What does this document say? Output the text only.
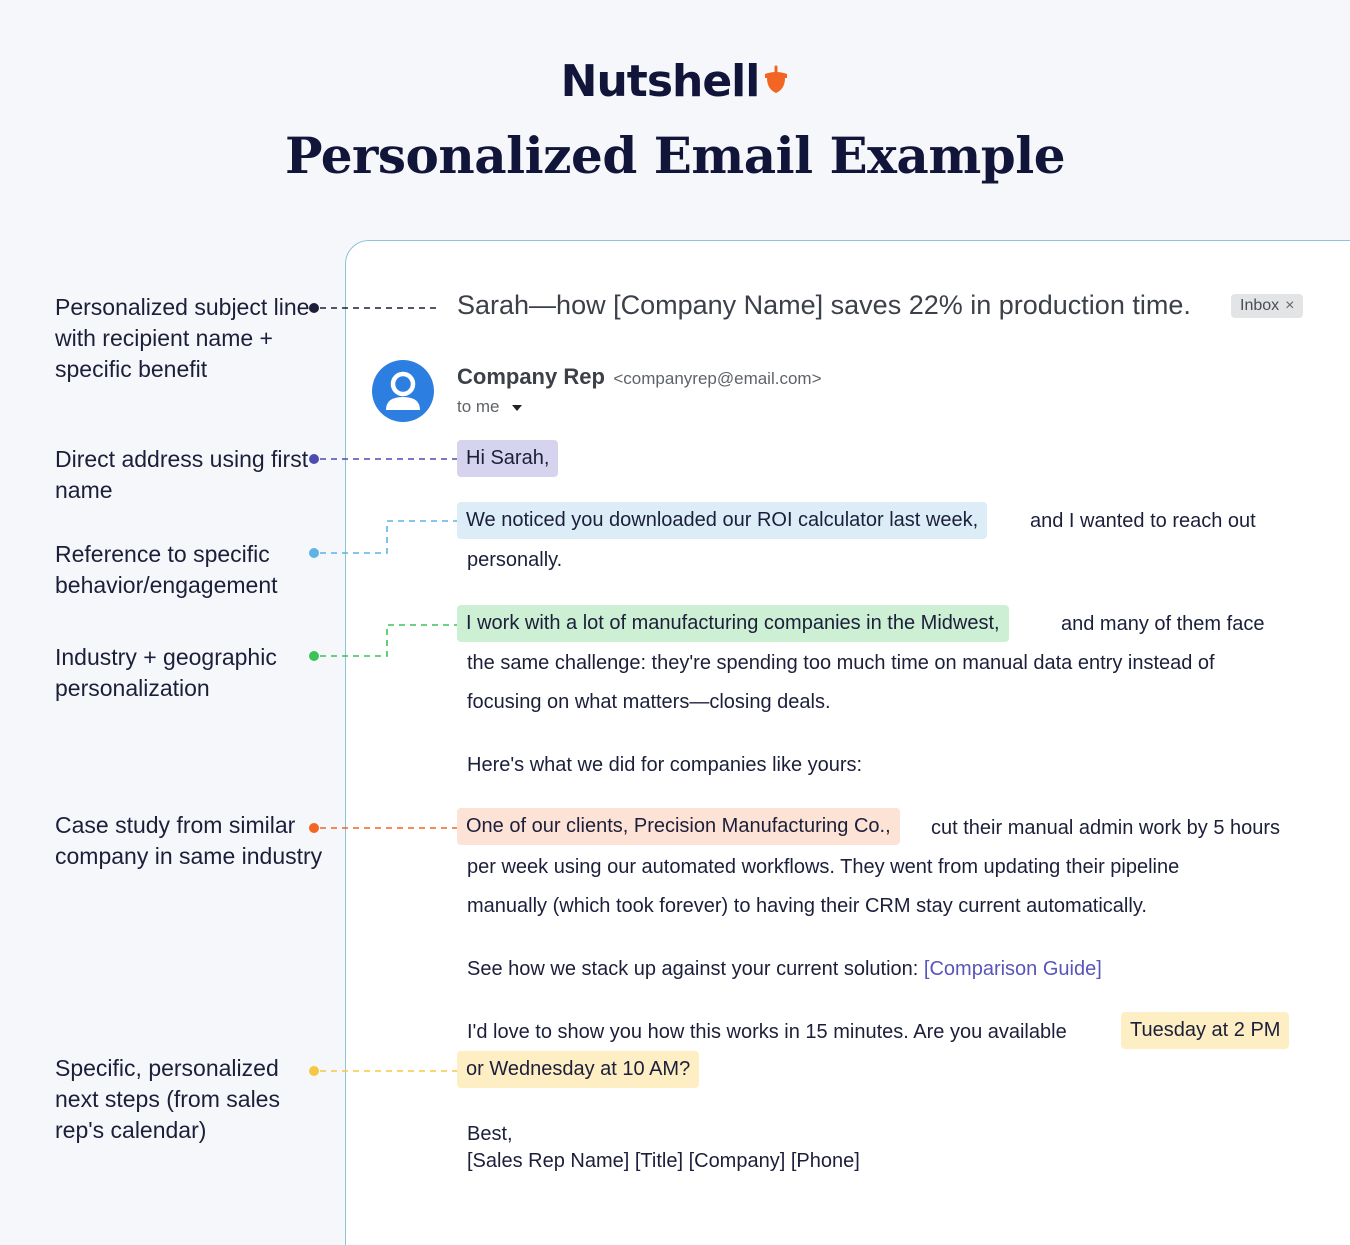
Nutshell
Personalized Email Example
Personalized subject line with recipient name + specific benefit
Direct address using first name
Reference to specific behavior/engagement
Industry + geographic personalization
Case study from similar company in same industry
Specific, personalized next steps (from sales rep's calendar)
Sarah—how [Company Name] saves 22% in production time.	Inbox ×
Company Rep <companyrep@email.com>
to me
Hi Sarah,
We noticed you downloaded our ROI calculator last week,	and I wanted to reach out
personally.
I work with a lot of manufacturing companies in the Midwest,	and many of them face
the same challenge: they're spending too much time on manual data entry instead of
focusing on what matters—closing deals.
Here's what we did for companies like yours:
One of our clients, Precision Manufacturing Co.,	cut their manual admin work by 5 hours
per week using our automated workflows. They went from updating their pipeline
manually (which took forever) to having their CRM stay current automatically.
See how we stack up against your current solution: [Comparison Guide]
I'd love to show you how this works in 15 minutes. Are you available	Tuesday at 2 PM
or Wednesday at 10 AM?
Best,
[Sales Rep Name] [Title] [Company] [Phone]
